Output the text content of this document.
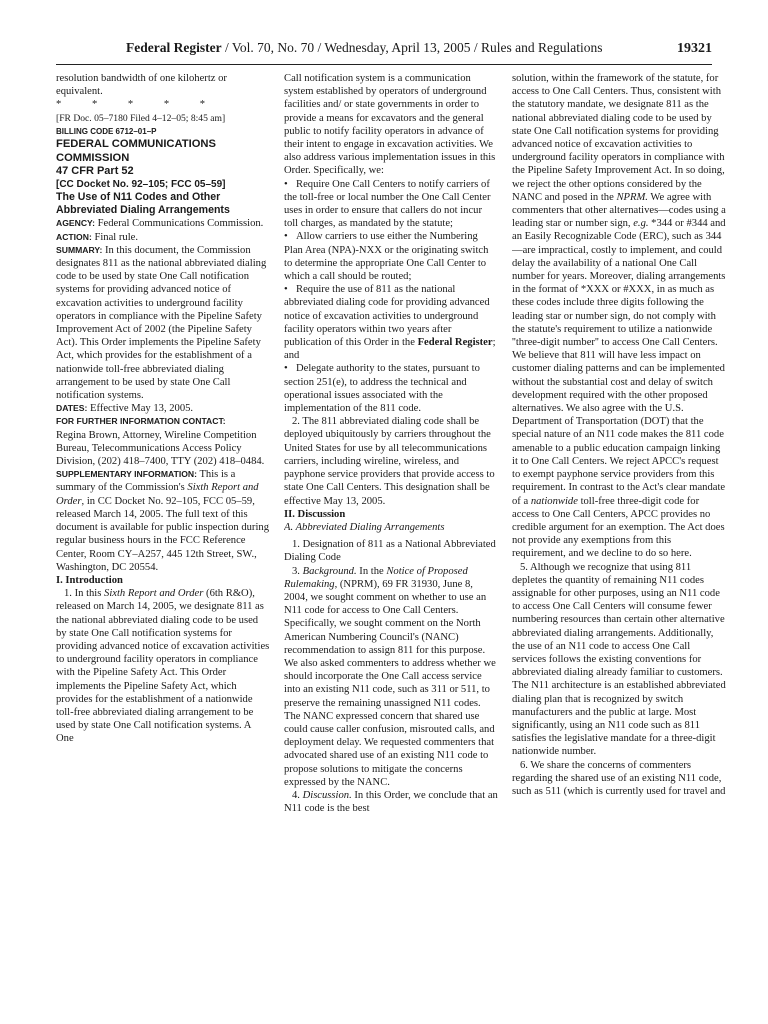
Federal Register / Vol. 70, No. 70 / Wednesday, April 13, 2005 / Rules and Regulations	19321

resolution bandwidth of one kilohertz or equivalent.

* * * * *

[FR Doc. 05–7180 Filed 4–12–05; 8:45 am]

BILLING CODE 6712–01–P

FEDERAL COMMUNICATIONS COMMISSION

47 CFR Part 52

[CC Docket No. 92–105; FCC 05–59]

The Use of N11 Codes and Other Abbreviated Dialing Arrangements

AGENCY: Federal Communications Commission.

ACTION: Final rule.

SUMMARY: In this document, the Commission designates 811 as the national abbreviated dialing code to be used by state One Call notification systems for providing advanced notice of excavation activities to underground facility operators in compliance with the Pipeline Safety Improvement Act of 2002 (the Pipeline Safety Act). This Order implements the Pipeline Safety Act, which provides for the establishment of a nationwide toll-free abbreviated dialing arrangement to be used by state One Call notification systems.

DATES: Effective May 13, 2005.

FOR FURTHER INFORMATION CONTACT:

Regina Brown, Attorney, Wireline Competition Bureau, Telecommunications Access Policy Division, (202) 418–7400, TTY (202) 418–0484.

SUPPLEMENTARY INFORMATION: This is a summary of the Commission's Sixth Report and Order, in CC Docket No. 92–105, FCC 05–59, released March 14, 2005. The full text of this document is available for public inspection during regular business hours in the FCC Reference Center, Room CY–A257, 445 12th Street, SW., Washington, DC 20554.

I. Introduction

1. In this Sixth Report and Order (6th R&O), released on March 14, 2005, we designate 811 as the national abbreviated dialing code to be used by state One Call notification systems for providing advanced notice of excavation activities to underground facility operators in compliance with the Pipeline Safety Act. This Order implements the Pipeline Safety Act, which provides for the establishment of a nationwide toll-free abbreviated dialing arrangement to be used by state One Call notification systems. A One

Call notification system is a communication system established by operators of underground facilities and/ or state governments in order to provide a means for excavators and the general public to notify facility operators in advance of their intent to engage in excavation activities. We also address various implementation issues in this Order. Specifically, we:

• Require One Call Centers to notify carriers of the toll-free or local number the One Call Center uses in order to ensure that callers do not incur toll charges, as mandated by the statute;

• Allow carriers to use either the Numbering Plan Area (NPA)-NXX or the originating switch to determine the appropriate One Call Center to which a call should be routed;

• Require the use of 811 as the national abbreviated dialing code for providing advanced notice of excavation activities to underground facility operators within two years after publication of this Order in the Federal Register; and

• Delegate authority to the states, pursuant to section 251(e), to address the technical and operational issues associated with the implementation of the 811 code.

2. The 811 abbreviated dialing code shall be deployed ubiquitously by carriers throughout the United States for use by all telecommunications carriers, including wireline, wireless, and payphone service providers that provide access to state One Call Centers. This designation shall be effective May 13, 2005.

II. Discussion

A. Abbreviated Dialing Arrangements

1. Designation of 811 as a National Abbreviated Dialing Code

3. Background. In the Notice of Proposed Rulemaking, (NPRM), 69 FR 31930, June 8, 2004, we sought comment on whether to use an N11 code for access to One Call Centers. Specifically, we sought comment on the North American Numbering Council's (NANC) recommendation to assign 811 for this purpose. We also asked commenters to address whether we should incorporate the One Call access service into an existing N11 code, such as 311 or 511, to preserve the remaining unassigned N11 codes. The NANC expressed concern that shared use could cause caller confusion, misrouted calls, and deployment delay. We requested commenters that advocated shared use of an existing N11 code to propose solutions to mitigate the concerns expressed by the NANC.

4. Discussion. In this Order, we conclude that an N11 code is the best

solution, within the framework of the statute, for access to One Call Centers. Thus, consistent with the statutory mandate, we designate 811 as the national abbreviated dialing code to be used by state One Call notification systems for providing advanced notice of excavation activities to underground facility operators in compliance with the Pipeline Safety Improvement Act. In so doing, we reject the other options considered by the NANC and posed in the NPRM. We agree with commenters that other alternatives—codes using a leading star or number sign, e.g. *344 or #344 and an Easily Recognizable Code (ERC), such as 344—are impractical, costly to implement, and could delay the availability of a national One Call number for years. Moreover, dialing arrangements in the format of *XXX or #XXX, in as much as these codes include three digits following the leading star or number sign, do not comply with the statute's requirement to utilize a nationwide ''three-digit number'' to access One Call Centers. We believe that 811 will have less impact on customer dialing patterns and can be implemented without the substantial cost and delay of switch development required with the other proposed alternatives. We also agree with the U.S. Department of Transportation (DOT) that the special nature of an N11 code makes the 811 code amenable to a public education campaign linking it to One Call Centers. We reject APCC's request to exempt payphone service providers from this requirement. In contrast to the Act's clear mandate of a nationwide toll-free three-digit code for access to One Call Centers, APCC provides no credible argument for an exemption. The Act does not provide any exemptions from this requirement, and we decline to do so here.

5. Although we recognize that using 811 depletes the quantity of remaining N11 codes assignable for other purposes, using an N11 code to access One Call Centers will consume fewer numbering resources than certain other alternative abbreviated dialing arrangements. Additionally, the use of an N11 code to access One Call services follows the existing conventions for abbreviated dialing already familiar to customers. The N11 architecture is an established abbreviated dialing plan that is recognized by switch manufacturers and the public at large. Most significantly, using an N11 code such as 811 satisfies the legislative mandate for a three-digit nationwide number.

6. We share the concerns of commenters regarding the shared use of an existing N11 code, such as 511 (which is currently used for travel and
